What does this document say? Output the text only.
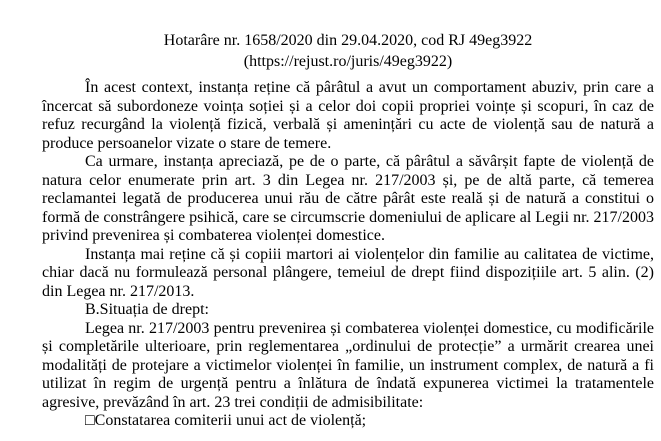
Hotarâre nr. 1658/2020 din 29.04.2020, cod RJ 49eg3922
(https://rejust.ro/juris/49eg3922)

În acest context, instanța reține că pârâtul a avut un comportament abuziv, prin care a încercat să subordoneze voința soției și a celor doi copii propriei voințe și scopuri, în caz de refuz recurgând la violență fizică, verbală și amenințări cu acte de violență sau de natură a produce persoanelor vizate o stare de temere.

Ca urmare, instanța apreciază, pe de o parte, că pârâtul a săvârșit fapte de violență de natura celor enumerate prin art. 3 din Legea nr. 217/2003 și, pe de altă parte, că temerea reclamantei legată de producerea unui rău de către pârât este reală și de natură a constitui o formă de constrângere psihică, care se circumscrie domeniului de aplicare al Legii nr. 217/2003 privind prevenirea și combaterea violenței domestice.

Instanța mai reține că și copiii martori ai violențelor din familie au calitatea de victime, chiar dacă nu formulează personal plângere, temeiul de drept fiind dispozițiile art. 5 alin. (2) din Legea nr. 217/2013.

B.Situația de drept:

Legea nr. 217/2003 pentru prevenirea și combaterea violenței domestice, cu modificările și completările ulterioare, prin reglementarea „ordinului de protecție” a urmărit crearea unei modalități de protejare a victimelor violenței în familie, un instrument complex, de natură a fi utilizat în regim de urgență pentru a înlătura de îndată expunerea victimei la tratamentele agresive, prevăzând în art. 23 trei condiții de admisibilitate:

□Constatarea comiterii unui act de violență;
